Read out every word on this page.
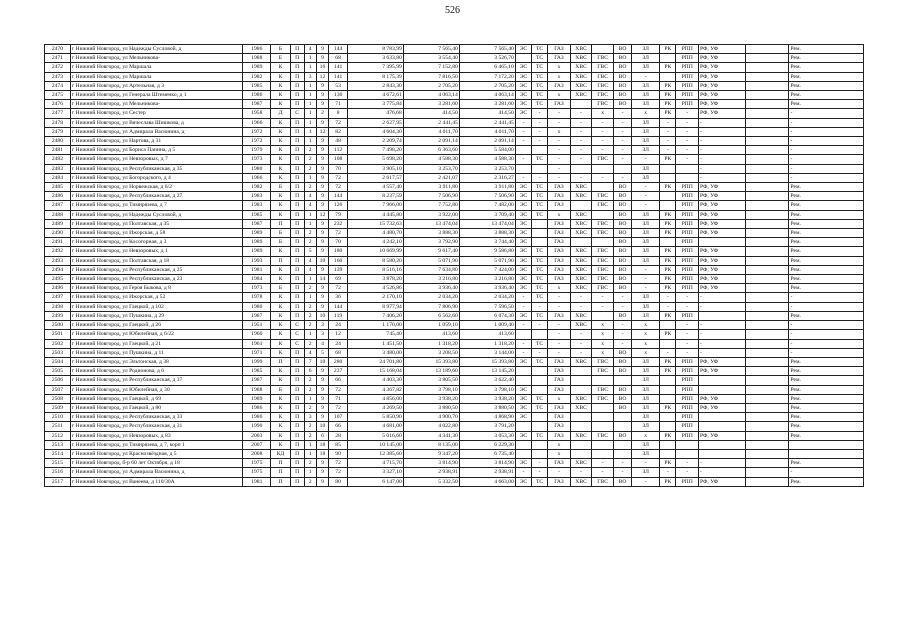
526
2470	г Нижний Новгород, ул Надежды Сусловой, д	1986	Б	П	4	9	144	8 783,99	7 565,40	7 565,40	ЭС	ТС	ГАЗ	ХВС		ВО	ЗЛ	РК	РПП	РФ, УФ		Рем.
2471	г Нижний Новгород, ул Мельникова-	1988	Е	П	1	9	68	3 633,80	3 554,40	3 526,70		ТС	ГАЗ	ХВС	ГВС	ВО	ЗЛ		РПП	РФ, УФ		Рем.
2472	г Нижний Новгород, ул Маршала	1989	К	П	1	16	141	7 395,99	7 152,80	6 465,10	ЭС	ТС	х	ХВС	ГВС	ВО	ЗЛ	РК	РПП	РФ, УФ		Рем.
2473	г Нижний Новгород, ул Маршала	1982	К	П	3	12	141	8 175,39	7 816,50	7 172,20	ЭС	ТС	х	ХВС	ГВС	ВО	-		РПП	РФ, УФ		Рем.
2474	г Нижний Новгород, ул Артельная, д 3	1985	К	П	1	9	53	2 843,30	2 705,20	2 705,20	ЭС	ТС	ГАЗ	ХВС	ГВС	ВО	ЗЛ	РК	РПП	РФ, УФ		Рем.
2475	г Нижний Новгород, ул Генерала Штеменко, д 1	1986	К	П	1	9	136	4 672,61	4 063,14	4 063,14	ЭС	ТС	х	ХВС	ГВС	ВО	ЗЛ	РК	РПП	РФ, УФ		Рем.
2476	г Нижний Новгород, ул Мельникова-	1987	К	П	1	9	71	3 775,84	3 281,60	3 281,60	ЭС	ТС	ГАЗ		ГВС	ВО	ЗЛ	РК	РПП	РФ, УФ		Рем.
2477	г Нижний Новгород, ул Сестер	1958	Д	С	1	2	8	476,68	414,50	414,50	ЭС	-	-	-	х	-	х	РК	-	РФ, УФ		-
2478	г Нижний Новгород, ул Вячеслава Шишкова, д	1966	К	П	1	9	72	2 627,95	2 441,45	2 441,45	-	-	-	-	-	-	ЗЛ	-	-	-		-
2479	г Нижний Новгород, ул Адмирала Васюнина, д	1972	К	П	1	12	82	4 604,30	4 011,70	4 011,70	-	-	х	-	-	-	ЗЛ	-	-	-		-
2480	г Нижний Новгород, ул Нартова, д 31	1972	К	П	1	9	48	2 209,74	2 091,14	2 091,14	-	-	-	-	-	-	ЗЛ	-	-	-		-
2481	г Нижний Новгород, ул Бориса Панина, д 5	1979	К	П	2	9	112	7 498,20	6 363,60	5 584,00			-	-	-	-	ЗЛ	-	-	-		-
2482	г Нижний Новгород, ул Невзоровых, д 7	1973	К	П	2	9	108	5 698,20	4 588,30	4 588,30	-	ТС	-	-	ГВС	-	-	РК	-	-		-
2483	г Нижний Новгород, ул Республиканская, д 35	1980	К	П	2	9	70	3 905,10	3 253,70	3 253,70			-				ЗЛ			-		-
2484	г Нижний Новгород, ул Богородского, д 4	1966	К	П	1	9	72	2 617,57	2 421,07	2 316,27	-	-	-	-	-	-	ЗЛ			-		-
2485	г Нижний Новгород, ул Норвежская, д 6/2	1982	Б	П	2	9	72	4 557,40	3 911,80	3 911,80	ЭС	ТС	ГАЗ	ХВС		ВО	-	РК	РПП	РФ, УФ		Рем.
2486	г Нижний Новгород, ул Республиканская, д 27	1983	К	П	4	9	144	8 237,59	7 506,90	7 506,90	ЭС	ТС	ГАЗ	ХВС	ГВС	ВО	-		РПП	РФ, УФ		Рем.
2487	г Нижний Новгород, ул Тимирязева, д 7	1983	К	П	4	9	126	7 966,00	7 752,80	7 482,00	ЭС	ТС	ГАЗ		ГВС	ВО	-		РПП	РФ, УФ		Рем.
2488	г Нижний Новгород, ул Надежды Сусловой, д	1985	К	П	1	12	79	4 445,80	3 922,00	3 709,40	ЭС	ТС	х	ХВС		ВО	ЗЛ	РК	РПП	РФ, УФ		Рем.
2489	г Нижний Новгород, ул Полтавская, д 35	1987	П	П	1	9	232	15 732,63	13 474,04	13 474,04	ЭС		ГАЗ	ХВС	ГВС	ВО	ЗЛ	РК	РПП	РФ, УФ		Рем.
2490	г Нижний Новгород, ул Ижорская, д 58	1989	Б	П	2	9	72	4 480,70	3 888,30	3 888,30	ЭС		ГАЗ	ХВС	ГВС	ВО	ЗЛ	РК	РПП	РФ, УФ		Рем.
2491	г Нижний Новгород, ул Косогорная, д 3	1989	Б	П	2	9	70	4 242,10	3 792,90	3 744,40	ЭС		ГАЗ			ВО	ЗЛ		РПП			Рем.
2492	г Нижний Новгород, ул Невзоровых, д 1	1989	К	П	5	9	180	10 669,99	9 617,40	9 586,80	ЭС	ТС	ГАЗ	ХВС	ГВС	ВО	ЗЛ	РК	РПП	РФ, УФ		Рем.
2493	г Нижний Новгород, ул Полтавская, д 18	1993	П	П	4	10	160	8 580,20	5 071,90	5 071,90	ЭС	ТС	ГАЗ	ХВС	ГВС	ВО	ЗЛ	РК	РПП	РФ, УФ		Рем.
2494	г Нижний Новгород, ул Республиканская, д 25	1981	К	П	4	9	139	8 516,16	7 634,80	7 424,00	ЭС	ТС	ГАЗ	ХВС	ГВС	ВО	-	РК	РПП	РФ, УФ		Рем.
2495	г Нижний Новгород, ул Республиканская, д 23	1984	К	П	1	14	69	3 878,20	3 216,80	3 216,80	ЭС	ТС	ГАЗ	ХВС	ГВС	ВО	-	РК	РПП	РФ, УФ		Рем.
2496	г Нижний Новгород, ул Героя Быкова, д 8	1973	Б	П	2	9	72	4 526,86	3 936,40	3 936,40	ЭС	ТС	х	ХВС	ГВС	ВО	-	РК	РПП	РФ, УФ		Рем.
2497	г Нижний Новгород, ул Ижорская, д 52	1978	К	П	1	9	36	2 170,10	2 034,20	2 034,20	-	ТС	-	-	-	-	ЗЛ	-	-	-		-
2498	г Нижний Новгород, ул Гаецкой, д 102	1980	К	П	2	9	144	8 977,94	7 806,90	7 596,50	-	-	-	-	-	-	ЗЛ	-	-	-		-
2499	г Нижний Новгород, ул Пушкина, д 29	1987	К	П	2	10	119	7 406,20	6 562,60	6 074,30	ЭС	ТС	ГАЗ	ХВС		ВО	ЗЛ	РК	РПП			Рем.
2500	г Нижний Новгород, ул Гаецкой, д 26	1951	К	С	2	3	24	1 170,00	1 059,10	1 009,40	-	-	-	ХВС	х	-	х		-	-		-
2501	г Нижний Новгород, ул Юбилейная, д 6/22	1960	К	С	1	3	12	745,40	413,60	413,60			-	-	х	-	х	РК	-	-		-
2502	г Нижний Новгород, ул Гаецкой, д 21	1961	К	С	2	4	24	1 451,50	1 318,20	1 318,20	-	ТС	-	-	х	-	х		-	-		-
2503	г Нижний Новгород, ул Пушкина, д 11	1971	К	П	4	5	68	3 480,00	3 208,50	3 144,00	-	-	-	-	х	ВО	х	-	-	-		-
2504	г Нижний Новгород, ул Эльтонская, д 38	1999	П	П	7	10	280	24 701,80	15 393,80	15 393,80	ЭС	ТС	ГАЗ	ХВС	ГВС	ВО	ЗЛ	РК	РПП	РФ, УФ		Рем.
2505	г Нижний Новгород, ул Родионова, д 6	1985	К	П	6	9	237	15 168,04	13 189,60	13 145,20			ГАЗ		ГВС	ВО	ЗЛ	РК	РПП	РФ, УФ		Рем.
2506	г Нижний Новгород, ул Республиканская, д 37	1987	К	П	2	9	66	4 403,30	3 805,50	3 622,40			ГАЗ				ЗЛ		РПП			Рем.
2507	г Нижний Новгород, ул Юбилейная, д 30	1988	Б	П	2	9	72	4 367,82	3 798,10	3 798,10	ЭС		ГАЗ		ГВС	ВО	ЗЛ		РПП			Рем.
2508	г Нижний Новгород, ул Гаецкой, д 69	1989	К	П	1	9	71	4 856,00	3 938,20	3 938,20	ЭС	ТС	х	ХВС	ГВС	ВО	ЗЛ		РПП	РФ, УФ		Рем.
2509	г Нижний Новгород, ул Гаецкой, д 80	1986	К	П	2	9	72	4 269,50	3 880,50	3 880,50	ЭС	ТС	ГАЗ	ХВС		ВО	ЗЛ	РК	РПП	РФ, УФ		Рем.
2510	г Нижний Новгород, ул Республиканская, д 33	1986	К	П	3	9	107	5 850,90	4 900,70	4 868,90	ЭС		ГАЗ				ЗЛ		РПП			Рем.
2511	г Нижний Новгород, ул Республиканская, д 31	1990	К	П	2	10	66	4 681,00	4 022,80	3 791,20			ГАЗ				ЗЛ		РПП			Рем.
2512	г Нижний Новгород, ул Невзоровых, д 83	2003	К	П	2	6	28	5 016,60	4 341,30	3 053,30	ЭС	ТС	ГАЗ	ХВС	ГВС	ВО	х	РК	РПП	РФ, УФ		Рем.
2513	г Нижний Новгород, ул Тимирязева, д 7, корп 1	2007	К	П	1	18	85	10 145,00	8 135,00	6 229,30			х				ЗЛ					
2514	г Нижний Новгород, ул Краснозвёздная, д 5	2008	КД	П	1	18	90	12 385,60	9 347,20	6 735,40			х				ЗЛ					
2515	г Нижний Новгород, б-р 60 лет Октября, д 18	1975	П	П	2	9	72	4 715,70	3 814,90	3 814,90	ЭС	-	ГАЗ	ХВС	-	-	-	РК	-	-		Рем.
2516	г Нижний Новгород, ул Адмирала Васюнина, д	1975	П	П	1	9	72	3 327,10	2 938,91	2 938,91	-	-	-	-	-	-	ЗЛ	-	-	-		-
2517	г Нижний Новгород, ул Ванеева, д 110/30А	1981	П	П	2	9	80	6 147,00	5 332,50	4 663,00	ЭС	ТС	ГАЗ	ХВС	ГВС	ВО	-	РК	РПП	РФ, УФ		Рем.
